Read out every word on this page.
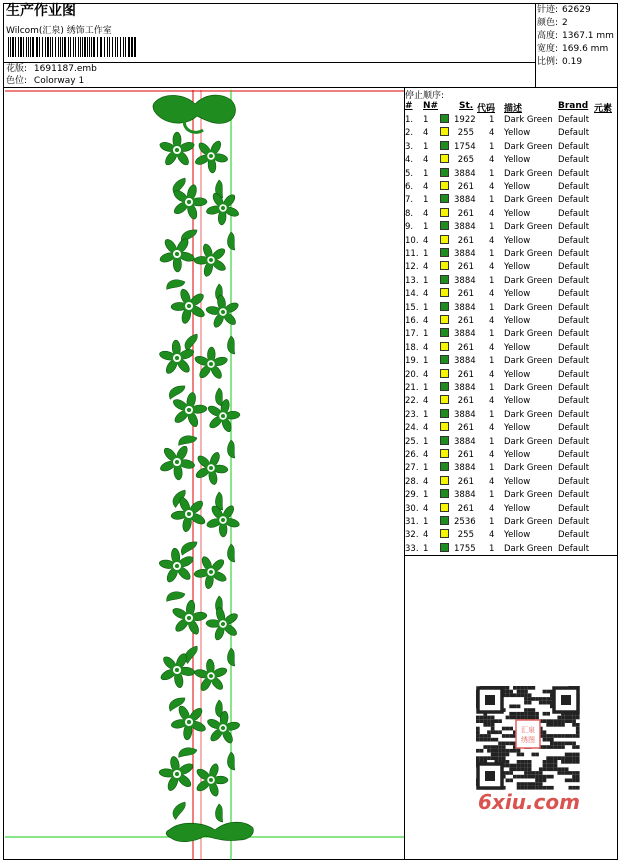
生产作业图
Wilcom(汇泉) 绣饰工作室
花版: 1691187.emb
色位: Colorway 1
针迹: 62629
颜色: 2
高度: 1367.1 mm
宽度: 169.6 mm
比例: 0.19
停止顺序:
# N# St. 代码 描述	Brand 元素
1. 1	1922 1 Dark Green Default
2. 4	255 4 Yellow	Default
3. 1	1754 1 Dark Green Default
4. 4	265 4 Yellow	Default
5. 1	3884 1 Dark Green Default
6. 4	261 4 Yellow	Default
7. 1	3884 1 Dark Green Default
8. 4	261 4 Yellow	Default
9. 1	3884 1 Dark Green Default
10. 4	261 4 Yellow	Default
11. 1	3884 1 Dark Green Default
12. 4	261 4 Yellow	Default
13. 1	3884 1 Dark Green Default
14. 4	261 4 Yellow	Default
15. 1	3884 1 Dark Green Default
16. 4	261 4 Yellow	Default
17. 1	3884 1 Dark Green Default
18. 4	261 4 Yellow	Default
19. 1	3884 1 Dark Green Default
20. 4	261 4 Yellow	Default
21. 1	3884 1 Dark Green Default
22. 4	261 4 Yellow	Default
23. 1	3884 1 Dark Green Default
24. 4	261 4 Yellow	Default
25. 1	3884 1 Dark Green Default
26. 4	261 4 Yellow	Default
27. 1	3884 1 Dark Green Default
28. 4	261 4 Yellow	Default
29. 1	3884 1 Dark Green Default
30. 4	261 4 Yellow	Default
31. 1	2536 1 Dark Green Default
32. 4	255 4 Yellow	Default
33. 1	1755 1 Dark Green Default
汇泉
绣图
6xiu.com
